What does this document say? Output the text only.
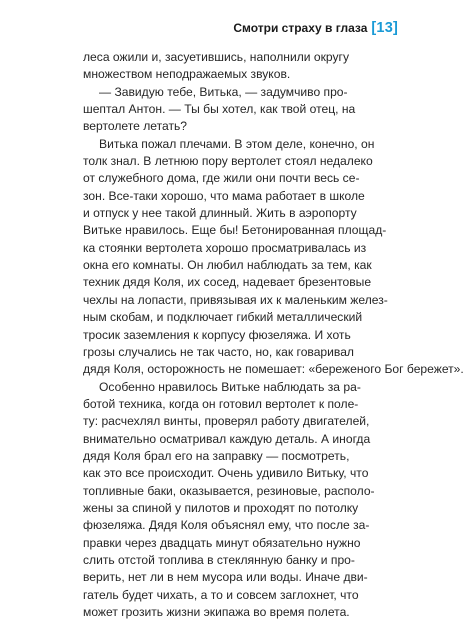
Смотри страху в глаза [13]

леса ожили и, засуетившись, наполнили округу
множеством неподражаемых звуков.

— Завидую тебе, Витька, — задумчиво про-
шептал Антон. — Ты бы хотел, как твой отец, на
вертолете летать?

Витька пожал плечами. В этом деле, конечно, он
толк знал. В летнюю пору вертолет стоял недалеко
от служебного дома, где жили они почти весь се-
зон. Все-таки хорошо, что мама работает в школе
и отпуск у нее такой длинный. Жить в аэропорту
Витьке нравилось. Еще бы! Бетонированная площад-
ка стоянки вертолета хорошо просматривалась из
окна его комнаты. Он любил наблюдать за тем, как
техник дядя Коля, их сосед, надевает брезентовые
чехлы на лопасти, привязывая их к маленьким желез-
ным скобам, и подключает гибкий металлический
тросик заземления к корпусу фюзеляжа. И хоть
грозы случались не так часто, но, как говаривал
дядя Коля, осторожность не помешает: «береженого Бог бережет».

Особенно нравилось Витьке наблюдать за ра-
ботой техника, когда он готовил вертолет к поле-
ту: расчехлял винты, проверял работу двигателей,
внимательно осматривал каждую деталь. А иногда
дядя Коля брал его на заправку — посмотреть,
как это все происходит. Очень удивило Витьку, что
топливные баки, оказывается, резиновые, располо-
жены за спиной у пилотов и проходят по потолку
фюзеляжа. Дядя Коля объяснял ему, что после за-
правки через двадцать минут обязательно нужно
слить отстой топлива в стеклянную банку и про-
верить, нет ли в нем мусора или воды. Иначе дви-
гатель будет чихать, а то и совсем заглохнет, что
может грозить жизни экипажа во время полета.
